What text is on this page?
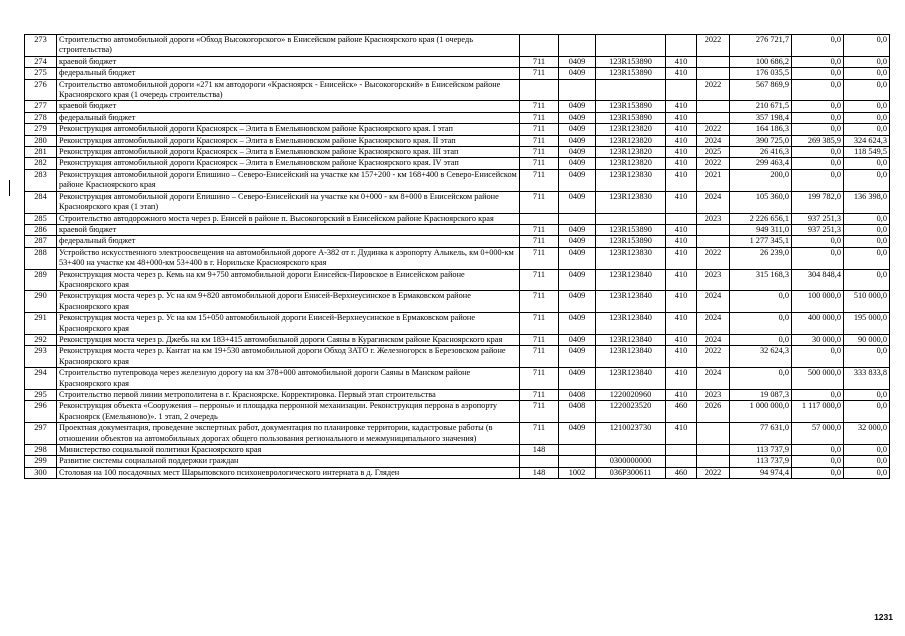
273	Строительство автомобильной дороги «Обход Высокогорского» в Енисейском районе Красноярского края (1 очередь строительства)					2022	276 721,7	0,0	0,0
274	краевой бюджет	711	0409	123R153890	410		100 686,2	0,0	0,0
275	федеральный бюджет	711	0409	123R153890	410		176 035,5	0,0	0,0
276	Строительство автомобильной дороги «271 км автодороги «Красноярск - Енисейск» - Высокогорский» в Енисейском районе Красноярского края (1 очередь строительства)					2022	567 869,9	0,0	0,0
277	краевой бюджет	711	0409	123R153890	410		210 671,5	0,0	0,0
278	федеральный бюджет	711	0409	123R153890	410		357 198,4	0,0	0,0
279	Реконструкция автомобильной дороги Красноярск – Элита в Емельяновском районе Красноярского края. I этап	711	0409	123R123820	410	2022	164 186,3	0,0	0,0
280	Реконструкция автомобильной дороги Красноярск – Элита в Емельяновском районе Красноярского края. II этап	711	0409	123R123820	410	2024	390 725,0	269 385,9	324 624,3
281	Реконструкция автомобильной дороги Красноярск – Элита в Емельяновском районе Красноярского края. III этап	711	0409	123R123820	410	2025	26 416,3	0,0	118 549,5
282	Реконструкция автомобильной дороги Красноярск – Элита в Емельяновском районе Красноярского края. IV этап	711	0409	123R123820	410	2022	299 463,4	0,0	0,0
283	Реконструкция автомобильной дороги Епишино – Северо-Енисейский на участке км 157+200 - км 168+400 в Северо-Енисейском районе Красноярского края	711	0409	123R123830	410	2021	200,0	0,0	0,0
284	Реконструкция автомобильной дороги Епишино – Северо-Енисейский на участке км 0+000 - км 8+000 в Енисейском районе Красноярского края (1 этап)	711	0409	123R123830	410	2024	105 360,0	199 782,0	136 398,0
285	Строительство автодорожного моста через р. Енисей в районе п. Высокогорский в Енисейском районе Красноярского края					2023	2 226 656,1	937 251,3	0,0
286	краевой бюджет	711	0409	123R153890	410		949 311,0	937 251,3	0,0
287	федеральный бюджет	711	0409	123R153890	410		1 277 345,1	0,0	0,0
288	Устройство искусственного электроосвещения на автомобильной дороге А-382 от г. Дудинка к аэропорту Алыкель, км 0+000-км 53+400 на участке км 48+000-км 53+400 в г. Норильске Красноярского края	711	0409	123R123830	410	2022	26 239,0	0,0	0,0
289	Реконструкция моста через р. Кемь на км 9+750 автомобильной дороги Енисейск-Пировское в Енисейском районе Красноярского края	711	0409	123R123840	410	2023	315 168,3	304 848,4	0,0
290	Реконструкция моста через р. Ус на км 9+820 автомобильной дороги Енисей-Верхнеусинское в Ермаковском районе Красноярского края	711	0409	123R123840	410	2024	0,0	100 000,0	510 000,0
291	Реконструкция моста через р. Ус на км 15+050 автомобильной дороги Енисей-Верхнеусинское в Ермаковском районе Красноярского края	711	0409	123R123840	410	2024	0,0	400 000,0	195 000,0
292	Реконструкция моста через р. Джебь на км 183+415 автомобильной дороги Саяны в Курагинском районе Красноярского края	711	0409	123R123840	410	2024	0,0	30 000,0	90 000,0
293	Реконструкция моста через р. Кантат на км 19+530 автомобильной дороги Обход ЗАТО г. Железногорск в Березовском районе Красноярского края	711	0409	123R123840	410	2022	32 624,3	0,0	0,0
294	Строительство путепровода через железную дорогу на км 378+000 автомобильной дороги Саяны в Манском районе Красноярского края	711	0409	123R123840	410	2024	0,0	500 000,0	333 833,8
295	Строительство первой линии метрополитена в г. Красноярске. Корректировка. Первый этап строительства	711	0408	1220020960	410	2023	19 087,3	0,0	0,0
296	Реконструкция объекта «Сооружения – перроны» и площадка перронной механизации. Реконструкция перрона в аэропорту Красноярск (Емельяново)». 1 этап, 2 очередь	711	0408	1220023520	460	2026	1 000 000,0	1 117 000,0	0,0
297	Проектная документация, проведение экспертных работ, документация по планировке территории, кадастровые работы (в отношении объектов на автомобильных дорогах общего пользования регионального и межмуниципального значения)	711	0409	1210023730	410		77 631,0	57 000,0	32 000,0
298	Министерство социальной политики Красноярского края	148					113 737,9	0,0	0,0
299	Развитие системы социальной поддержки граждан			0300000000			113 737,9	0,0	0,0
300	Столовая на 100 посадочных мест Шарыповского психоневрологического интерната в д. Гляден	148	1002	036P300611	460	2022	94 974,4	0,0	0,0
1231
